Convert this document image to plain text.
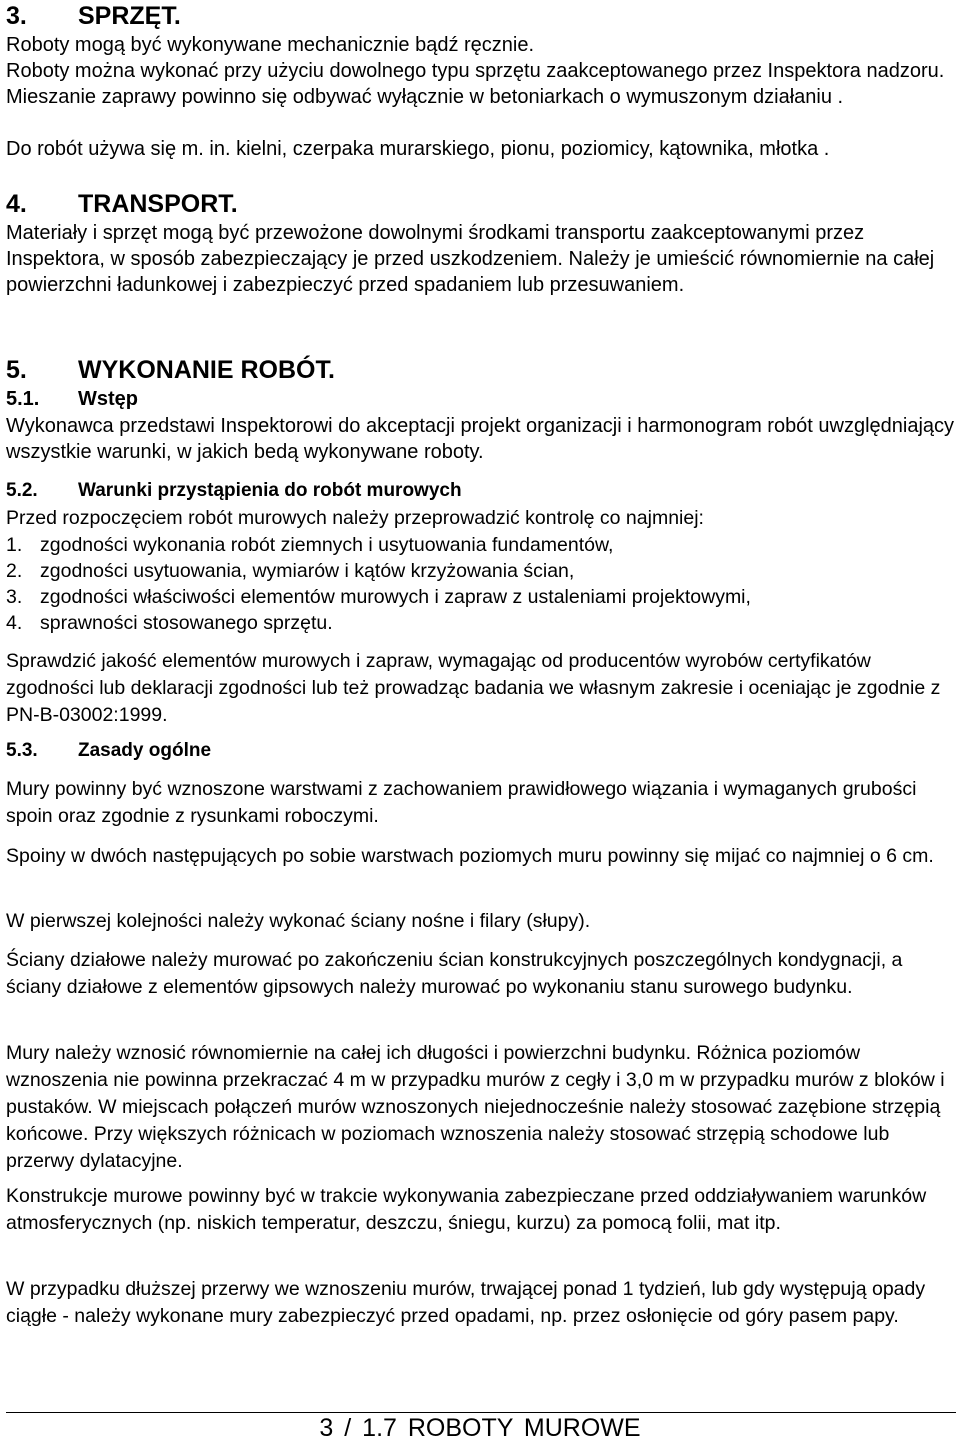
3. SPRZĘT.

Roboty mogą być wykonywane mechanicznie bądź ręcznie.

Roboty można wykonać przy użyciu dowolnego typu sprzętu zaakceptowanego przez Inspektora nadzoru. Mieszanie zaprawy powinno się odbywać wyłącznie w betoniarkach o wymuszonym działaniu .

Do robót używa się m. in. kielni, czerpaka murarskiego, pionu, poziomicy, kątownika, młotka .

4. TRANSPORT.

Materiały i sprzęt mogą być przewożone dowolnymi środkami transportu zaakceptowanymi przez Inspektora, w sposób zabezpieczający je przed uszkodzeniem. Należy je umieścić równomiernie na całej powierzchni ładunkowej i zabezpieczyć przed spadaniem lub przesuwaniem.

5. WYKONANIE ROBÓT.
5.1. Wstęp

Wykonawca przedstawi Inspektorowi do akceptacji projekt organizacji i harmonogram robót uwzględniający wszystkie warunki, w jakich bedą wykonywane roboty.

5.2. Warunki przystąpienia do robót murowych

Przed rozpoczęciem robót murowych należy przeprowadzić kontrolę co najmniej:

1. zgodności wykonania robót ziemnych i usytuowania fundamentów,
2. zgodności usytuowania, wymiarów i kątów krzyżowania ścian,
3. zgodności właściwości elementów murowych i zapraw z ustaleniami projektowymi,
4. sprawności stosowanego sprzętu.

Sprawdzić jakość elementów murowych i zapraw, wymagając od producentów wyrobów certyfikatów zgodności lub deklaracji zgodności lub też prowadząc badania we własnym zakresie i oceniając je zgodnie z PN-B-03002:1999.

5.3. Zasady ogólne

Mury powinny być wznoszone warstwami z zachowaniem prawidłowego wiązania i wymaganych grubości spoin oraz zgodnie z rysunkami roboczymi.

Spoiny w dwóch następujących po sobie warstwach poziomych muru powinny się mijać co najmniej o 6 cm.

W pierwszej kolejności należy wykonać ściany nośne i filary (słupy).

Ściany działowe należy murować po zakończeniu ścian konstrukcyjnych poszczególnych kondygnacji, a ściany działowe z elementów gipsowych należy murować po wykonaniu stanu surowego budynku.

Mury należy wznosić równomiernie na całej ich długości i powierzchni budynku. Różnica poziomów wznoszenia nie powinna przekraczać 4 m w przypadku murów z cegły i 3,0 m w przypadku murów z bloków i pustaków. W miejscach połączeń murów wznoszonych niejednocześnie należy stosować zazębione strzępią końcowe. Przy większych różnicach w poziomach wznoszenia należy stosować strzępią schodowe lub przerwy dylatacyjne.

Konstrukcje murowe powinny być w trakcie wykonywania zabezpieczane przed oddziaływaniem warunków atmosferycznych (np. niskich temperatur, deszczu, śniegu, kurzu) za pomocą folii, mat itp.

W przypadku dłuższej przerwy we wznoszeniu murów, trwającej ponad 1 tydzień, lub gdy występują opady ciągłe - należy wykonane mury zabezpieczyć przed opadami, np. przez osłonięcie od góry pasem papy.

3 / 1.7 ROBOTY MUROWE
